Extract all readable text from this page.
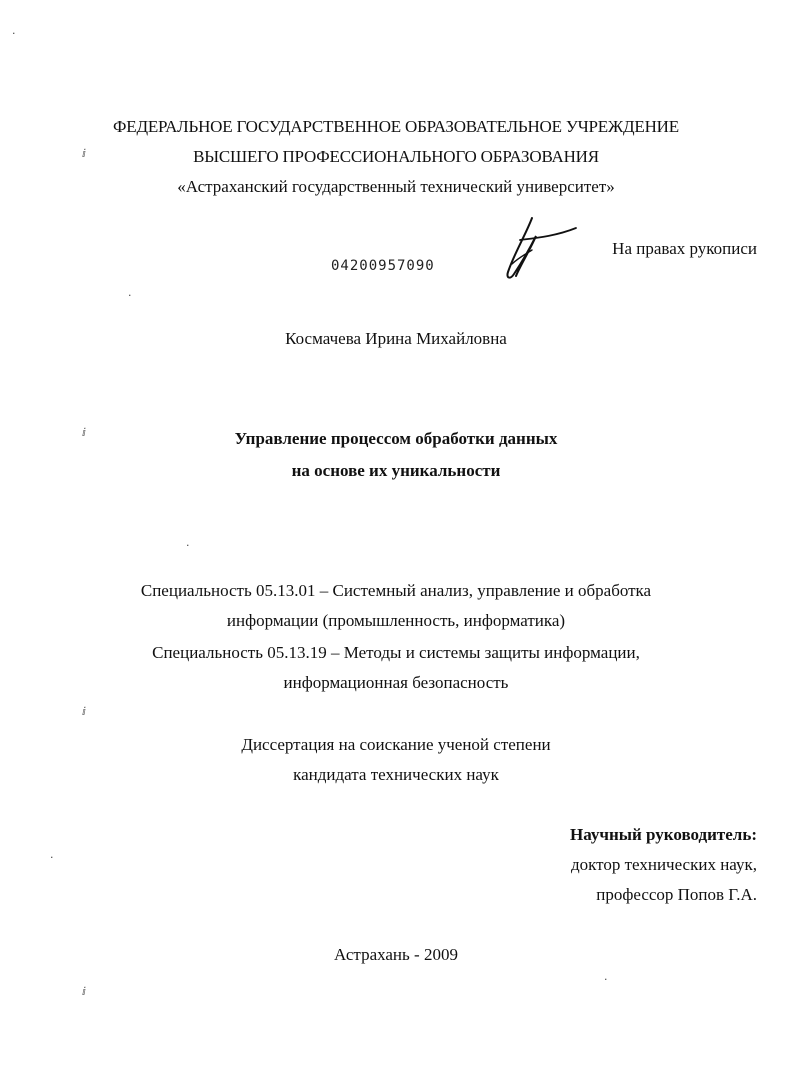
ФЕДЕРАЛЬНОЕ ГОСУДАРСТВЕННОЕ ОБРАЗОВАТЕЛЬНОЕ УЧРЕЖДЕНИЕ
ВЫСШЕГО ПРОФЕССИОНАЛЬНОГО ОБРАЗОВАНИЯ
«Астраханский государственный технический университет»
04200957090
На правах рукописи
Космачева Ирина Михайловна
Управление процессом обработки данных
на основе их уникальности
Специальность 05.13.01 – Системный анализ, управление и обработка
информации (промышленность, информатика)
Специальность 05.13.19 – Методы и системы защиты информации,
информационная безопасность
Диссертация на соискание ученой степени
кандидата технических наук
Научный руководитель:
доктор технических наук,
профессор Попов Г.А.
Астрахань - 2009
ⅈ
ⅈ
ⅈ
ⅈ
·
·
·
·
·
